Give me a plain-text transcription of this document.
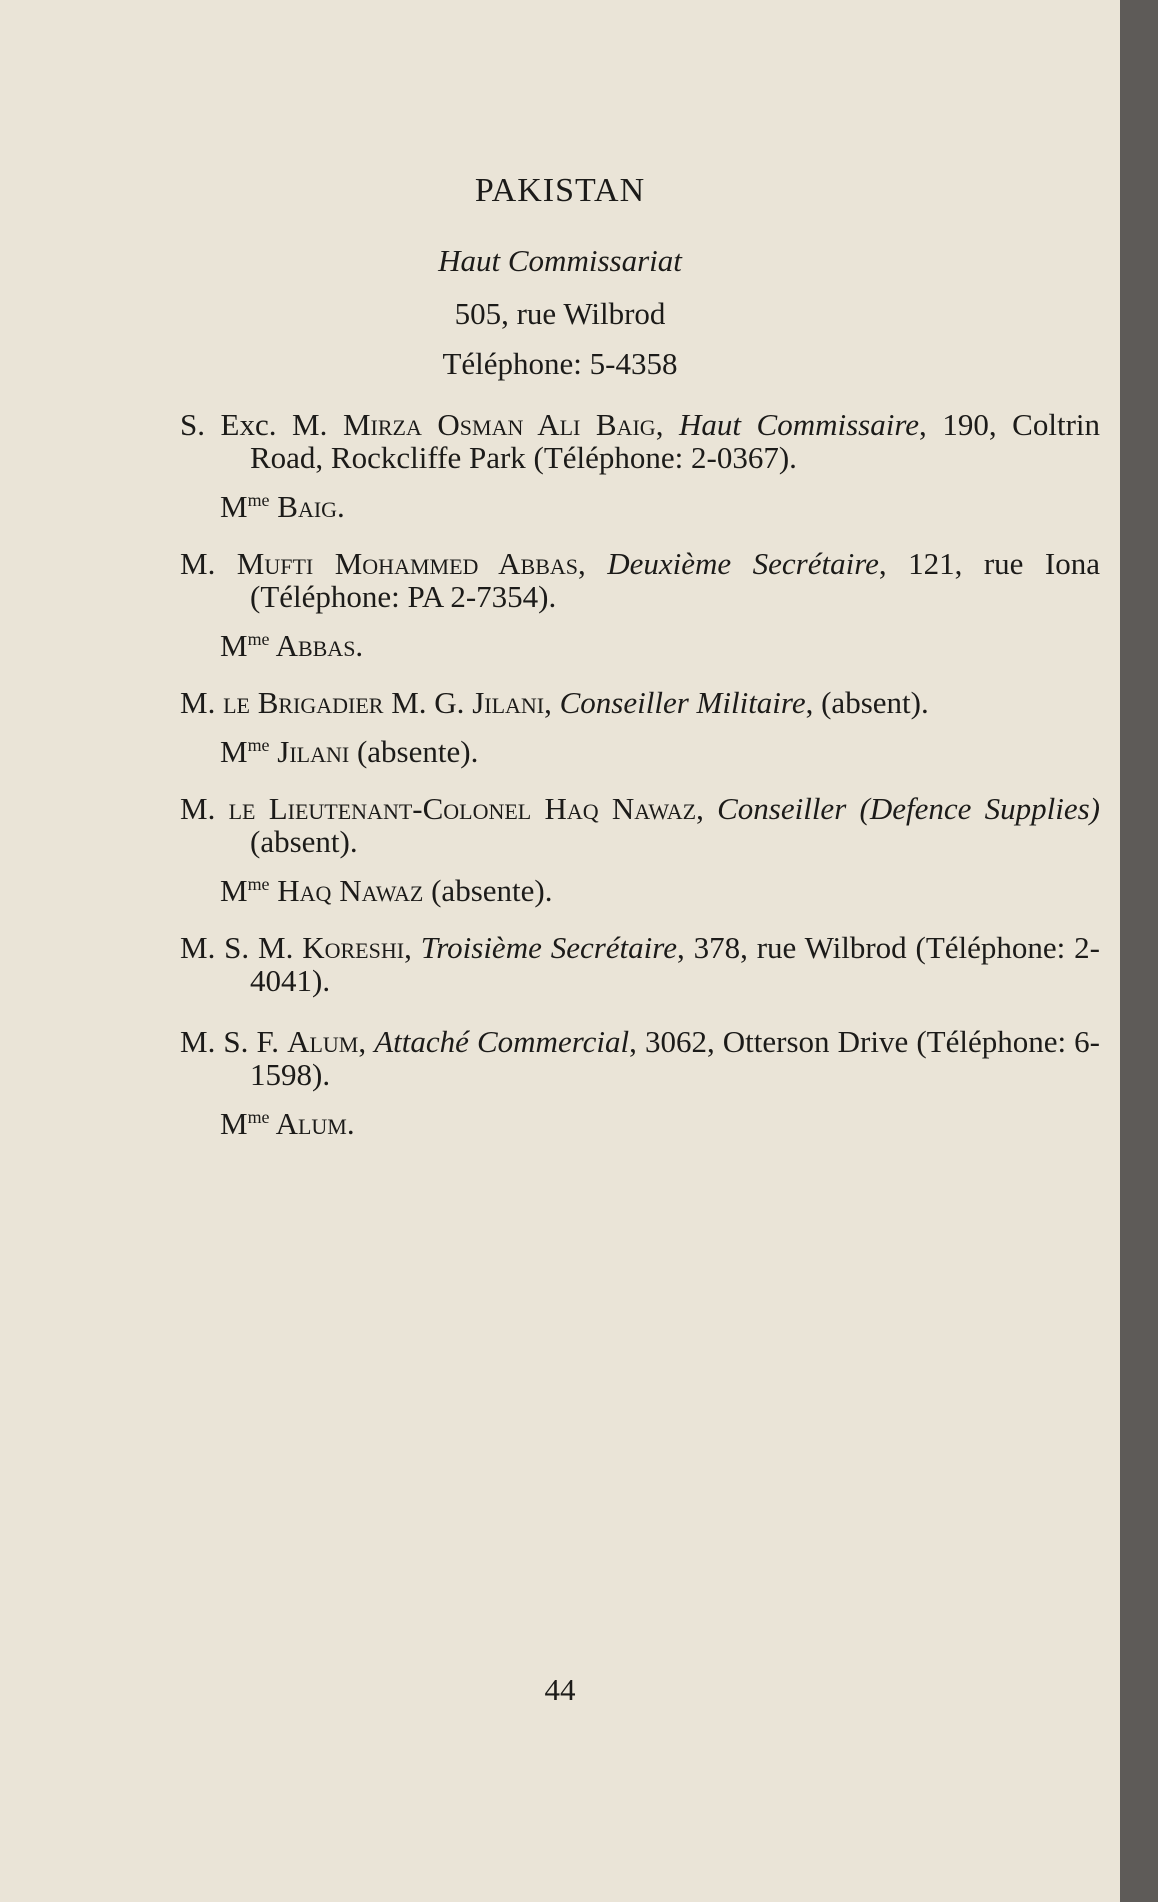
PAKISTAN
Haut Commissariat
505, rue Wilbrod
Téléphone: 5-4358
S. Exc. M. Mirza Osman Ali Baig, Haut Commissaire, 190, Coltrin Road, Rockcliffe Park (Téléphone: 2-0367).
$M^{me}$ Baig.
M. Mufti Mohammed Abbas, Deuxième Secrétaire, 121, rue Iona (Téléphone: PA 2-7354).
$M^{me}$ Abbas.
M. le Brigadier M. G. Jilani, Conseiller Militaire, (absent).
$M^{me}$ Jilani (absente).
M. le Lieutenant-Colonel Haq Nawaz, Conseiller (Defence Supplies) (absent).
$M^{me}$ Haq Nawaz (absente).
M. S. M. Koreshi, Troisième Secrétaire, 378, rue Wilbrod (Téléphone: 2-4041).
M. S. F. Alum, Attaché Commercial, 3062, Otterson Drive (Téléphone: 6-1598).
$M^{me}$ Alum.
44
